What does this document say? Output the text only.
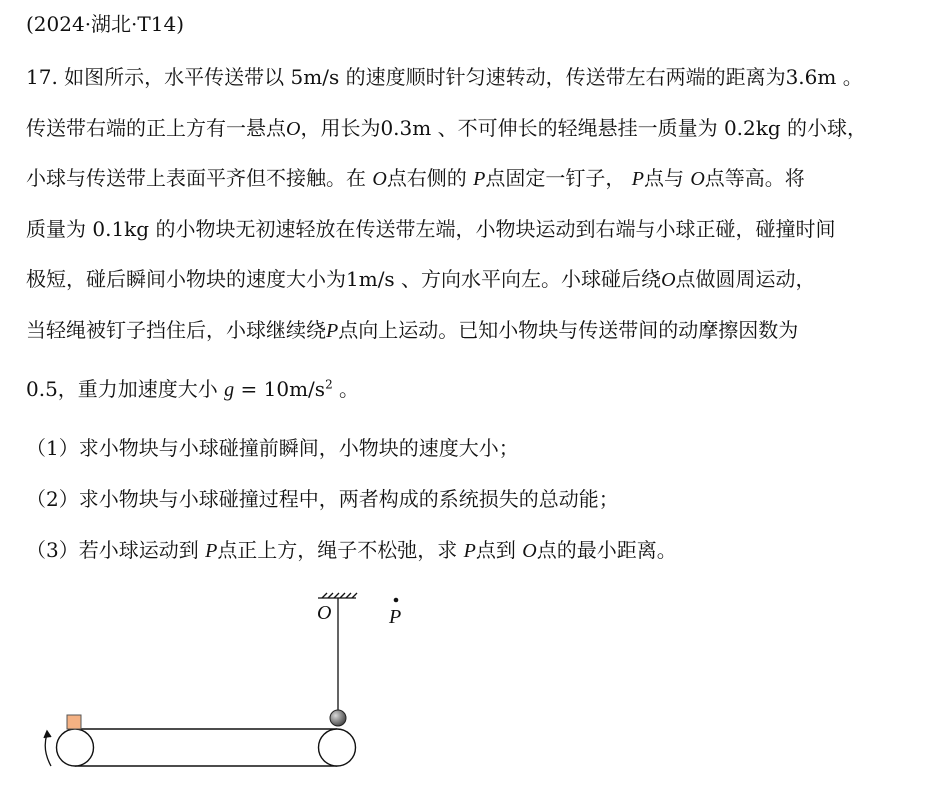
(2024·湖北·T14)
17. 如图所示，水平传送带以 5m/s 的速度顺时针匀速转动，传送带左右两端的距离为3.6m 。
传送带右端的正上方有一悬点O，用长为0.3m 、不可伸长的轻绳悬挂一质量为 0.2kg 的小球，
小球与传送带上表面平齐但不接触。在 O点右侧的 P点固定一钉子， P点与 O点等高。将
质量为 0.1kg 的小物块无初速轻放在传送带左端，小物块运动到右端与小球正碰，碰撞时间
极短，碰后瞬间小物块的速度大小为1m/s 、方向水平向左。小球碰后绕O点做圆周运动，
当轻绳被钉子挡住后，小球继续绕P点向上运动。已知小物块与传送带间的动摩擦因数为
0.5，重力加速度大小 $g = 10m/s^2$ 。
（1）求小物块与小球碰撞前瞬间，小物块的速度大小；
（2）求小物块与小球碰撞过程中，两者构成的系统损失的总动能；
（3）若小球运动到 P点正上方，绳子不松弛，求 P点到 O点的最小距离。
O	P
